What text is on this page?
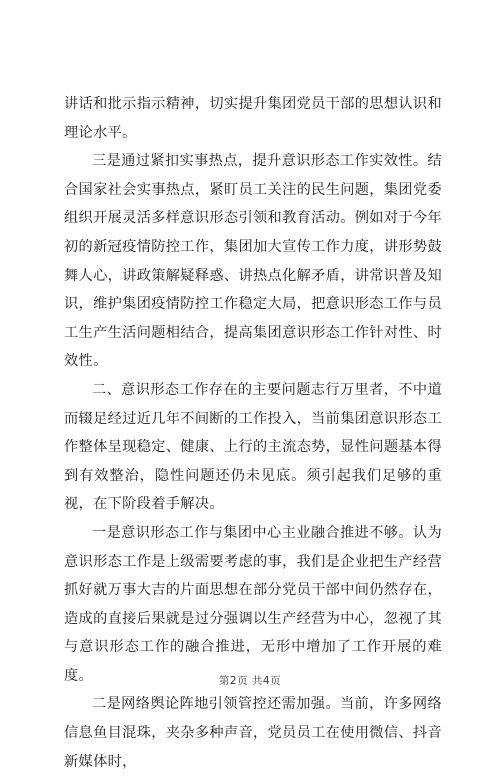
讲话和批示指示精神，切实提升集团党员干部的思想认识和理论水平。

三是通过紧扣实事热点，提升意识形态工作实效性。结合国家社会实事热点，紧盯员工关注的民生问题，集团党委组织开展灵活多样意识形态引领和教育活动。例如对于今年初的新冠疫情防控工作，集团加大宣传工作力度，讲形势鼓舞人心，讲政策解疑释惑、讲热点化解矛盾，讲常识普及知识，维护集团疫情防控工作稳定大局，把意识形态工作与员工生产生活问题相结合，提高集团意识形态工作针对性、时效性。

二、意识形态工作存在的主要问题志行万里者，不中道而辍足经过近几年不间断的工作投入，当前集团意识形态工作整体呈现稳定、健康、上行的主流态势，显性问题基本得到有效整治，隐性问题还仍未见底。须引起我们足够的重视，在下阶段着手解决。

一是意识形态工作与集团中心主业融合推进不够。认为意识形态工作是上级需要考虑的事，我们是企业把生产经营抓好就万事大吉的片面思想在部分党员干部中间仍然存在，造成的直接后果就是过分强调以生产经营为中心，忽视了其与意识形态工作的融合推进，无形中增加了工作开展的难度。

二是网络舆论阵地引领管控还需加强。当前，许多网络信息鱼目混珠，夹杂多种声音，党员员工在使用微信、抖音新媒体时，

第2页 共4页
